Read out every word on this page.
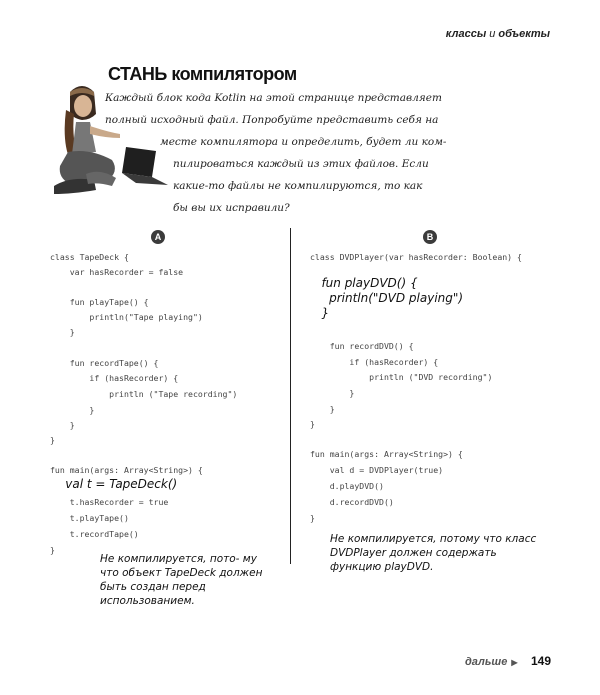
классы и объекты
СТАНЬ компилятором
Каждый блок кода Kotlin на этой странице представляет
полный исходный файл. Попробуйте представить себя на
месте компилятора и определить, будет ли ком-
пилироваться каждый из этих файлов. Если
какие-то файлы не компилируются, то как
бы вы их исправили?
A	B

class TapeDeck {

var hasRecorder = false

fun playTape() {

println("Tape playing")

}

fun recordTape() {

if (hasRecorder) {

println ("Tape recording")

}

}

}

fun main(args: Array<String>) {

val t = TapeDeck()

t.hasRecorder = true

t.playTape()

t.recordTape()

}

class DVDPlayer(var hasRecorder: Boolean) {

fun playDVD() {

println("DVD playing")

}

fun recordDVD() {

if (hasRecorder) {

println ("DVD recording")

}

}

}

fun main(args: Array<String>) {

val d = DVDPlayer(true)

d.playDVD()

d.recordDVD()

}

Не компилируется, пото- му что объект TapeDeck должен быть создан перед использованием.
Не компилируется, потому что класс DVDPlayer должен содержать функцию playDVD.
дальше ▶ 149
